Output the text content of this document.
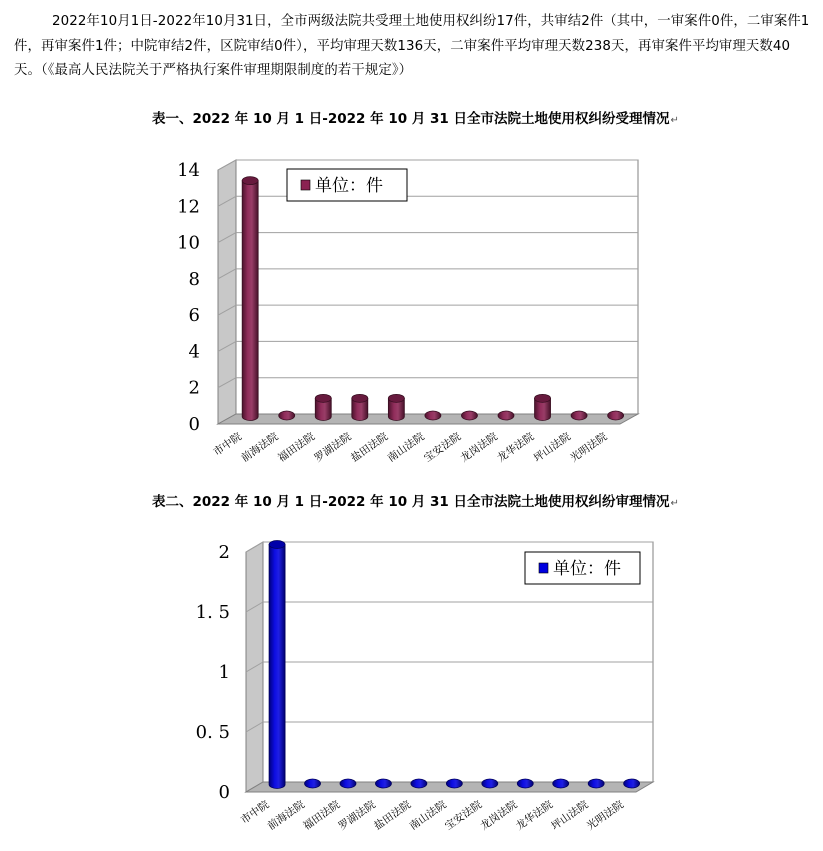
2022年10月1日-2022年10月31日，全市两级法院共受理土地使用权纠纷17件，共审结2件（其中，一审案件0件，二审案件1件，再审案件1件；中院审结2件，区院审结0件），平均审理天数136天，二审案件平均审理天数238天，再审案件平均审理天数40天。（《最高人民法院关于严格执行案件审理期限制度的若干规定》）
表一、2022 年 10 月 1 日-2022 年 10 月 31 日全市法院土地使用权纠纷受理情况↵
表二、2022 年 10 月 1 日-2022 年 10 月 31 日全市法院土地使用权纠纷审理情况↵
0
2
4
6
8
10
12
14
市中院
前海法院
福田法院
罗湖法院
盐田法院
南山法院
宝安法院
龙岗法院
龙华法院
坪山法院
光明法院
单位：件
0
0. 5
1
1. 5
2
市中院
前海法院
福田法院
罗湖法院
盐田法院
南山法院
宝安法院
龙岗法院
龙华法院
坪山法院
光明法院
单位：件
